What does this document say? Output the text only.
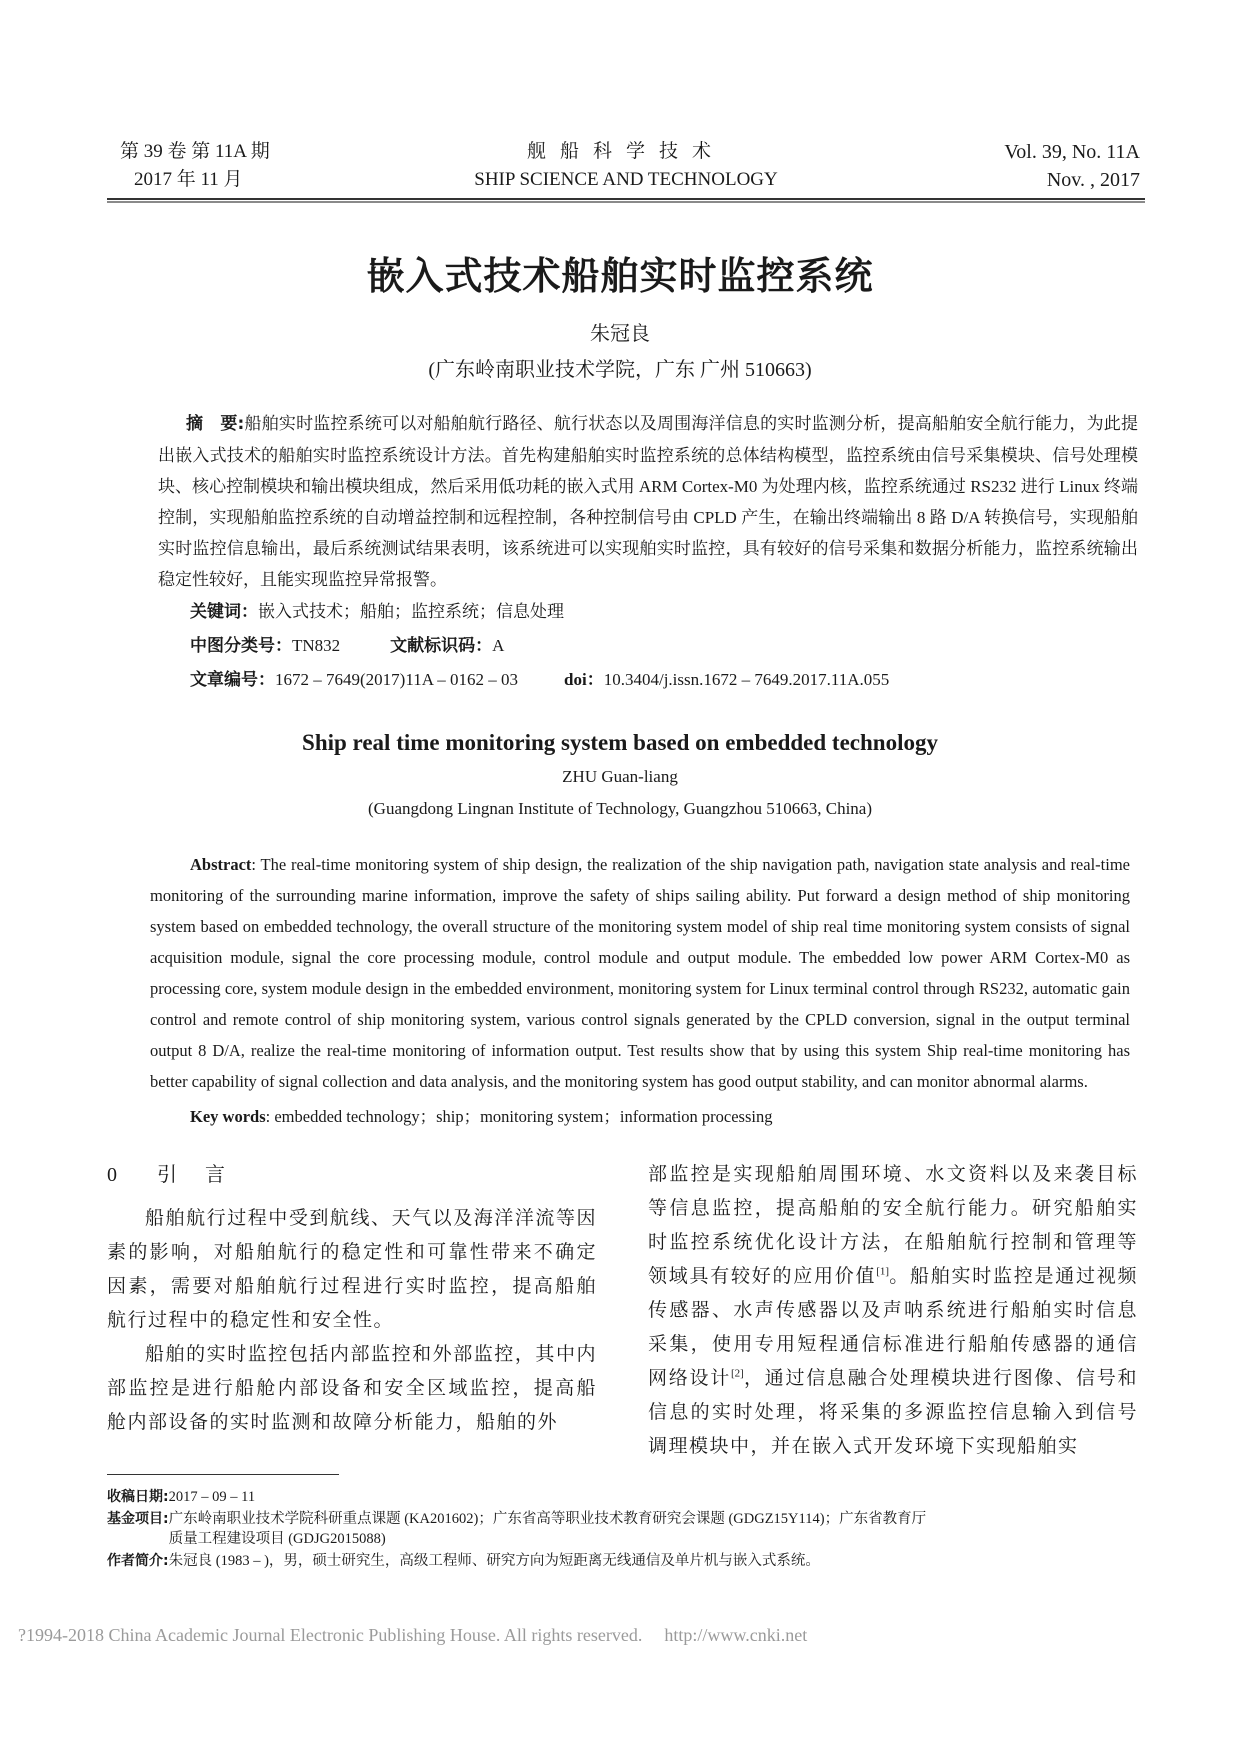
第 39 卷 第 11A 期
2017 年 11 月
舰船科学技术
SHIP SCIENCE AND TECHNOLOGY
Vol. 39, No. 11A
Nov. , 2017
嵌入式技术船舶实时监控系统
朱冠良
(广东岭南职业技术学院，广东 广州 510663)

摘　要:船舶实时监控系统可以对船舶航行路径、航行状态以及周围海洋信息的实时监测分析，提高船舶安全航行能力，为此提出嵌入式技术的船舶实时监控系统设计方法。首先构建船舶实时监控系统的总体结构模型，监控系统由信号采集模块、信号处理模块、核心控制模块和输出模块组成，然后采用低功耗的嵌入式用 ARM Cortex-M0 为处理内核，监控系统通过 RS232 进行 Linux 终端控制，实现船舶监控系统的自动增益控制和远程控制，各种控制信号由 CPLD 产生，在输出终端输出 8 路 D/A 转换信号，实现船舶实时监控信息输出，最后系统测试结果表明，该系统进可以实现舶实时监控，具有较好的信号采集和数据分析能力，监控系统输出稳定性较好，且能实现监控异常报警。

关键词：嵌入式技术；船舶；监控系统；信息处理
中图分类号：TN832	文献标识码：A
文章编号：1672 – 7649(2017)11A – 0162 – 03	doi：10.3404/j.issn.1672 – 7649.2017.11A.055
Ship real time monitoring system based on embedded technology
ZHU Guan-liang
(Guangdong Lingnan Institute of Technology, Guangzhou 510663, China)

Abstract: The real-time monitoring system of ship design, the realization of the ship navigation path, navigation state analysis and real-time monitoring of the surrounding marine information, improve the safety of ships sailing ability. Put forward a design method of ship monitoring system based on embedded technology, the overall structure of the monitoring system model of ship real time monitoring system consists of signal acquisition module, signal the core processing module, control module and output module. The embedded low power ARM Cortex-M0 as processing core, system module design in the embedded environment, monitoring system for Linux terminal control through RS232, automatic gain control and remote control of ship monitoring system, various control signals generated by the CPLD conversion, signal in the output terminal output 8 D/A, realize the real-time monitoring of information output. Test results show that by using this system Ship real-time monitoring has better capability of signal collection and data analysis, and the monitoring system has good output stability, and can monitor abnormal alarms.

Key words: embedded technology；ship；monitoring system；information processing
0 引言

船舶航行过程中受到航线、天气以及海洋洋流等因素的影响，对船舶航行的稳定性和可靠性带来不确定因素，需要对船舶航行过程进行实时监控，提高船舶航行过程中的稳定性和安全性。

船舶的实时监控包括内部监控和外部监控，其中内部监控是进行船舱内部设备和安全区域监控，提高船舱内部设备的实时监测和故障分析能力，船舶的外

部监控是实现船舶周围环境、水文资料以及来袭目标等信息监控，提高船舶的安全航行能力。研究船舶实时监控系统优化设计方法，在船舶航行控制和管理等领域具有较好的应用价值[1]。船舶实时监控是通过视频传感器、水声传感器以及声呐系统进行船舶实时信息采集，使用专用短程通信标准进行船舶传感器的通信网络设计[2]，通过信息融合处理模块进行图像、信号和信息的实时处理，将采集的多源监控信息输入到信号调理模块中，并在嵌入式开发环境下实现船舶实

收稿日期:2017 – 09 – 11
基金项目: 广东岭南职业技术学院科研重点课题 (KA201602)；广东省高等职业技术教育研究会课题 (GDGZ15Y114)；广东省教育厅
质量工程建设项目 (GDJG2015088)
作者简介:朱冠良 (1983 – )，男，硕士研究生，高级工程师、研究方向为短距离无线通信及单片机与嵌入式系统。
?1994-2018 China Academic Journal Electronic Publishing House. All rights reserved. http://www.cnki.net
